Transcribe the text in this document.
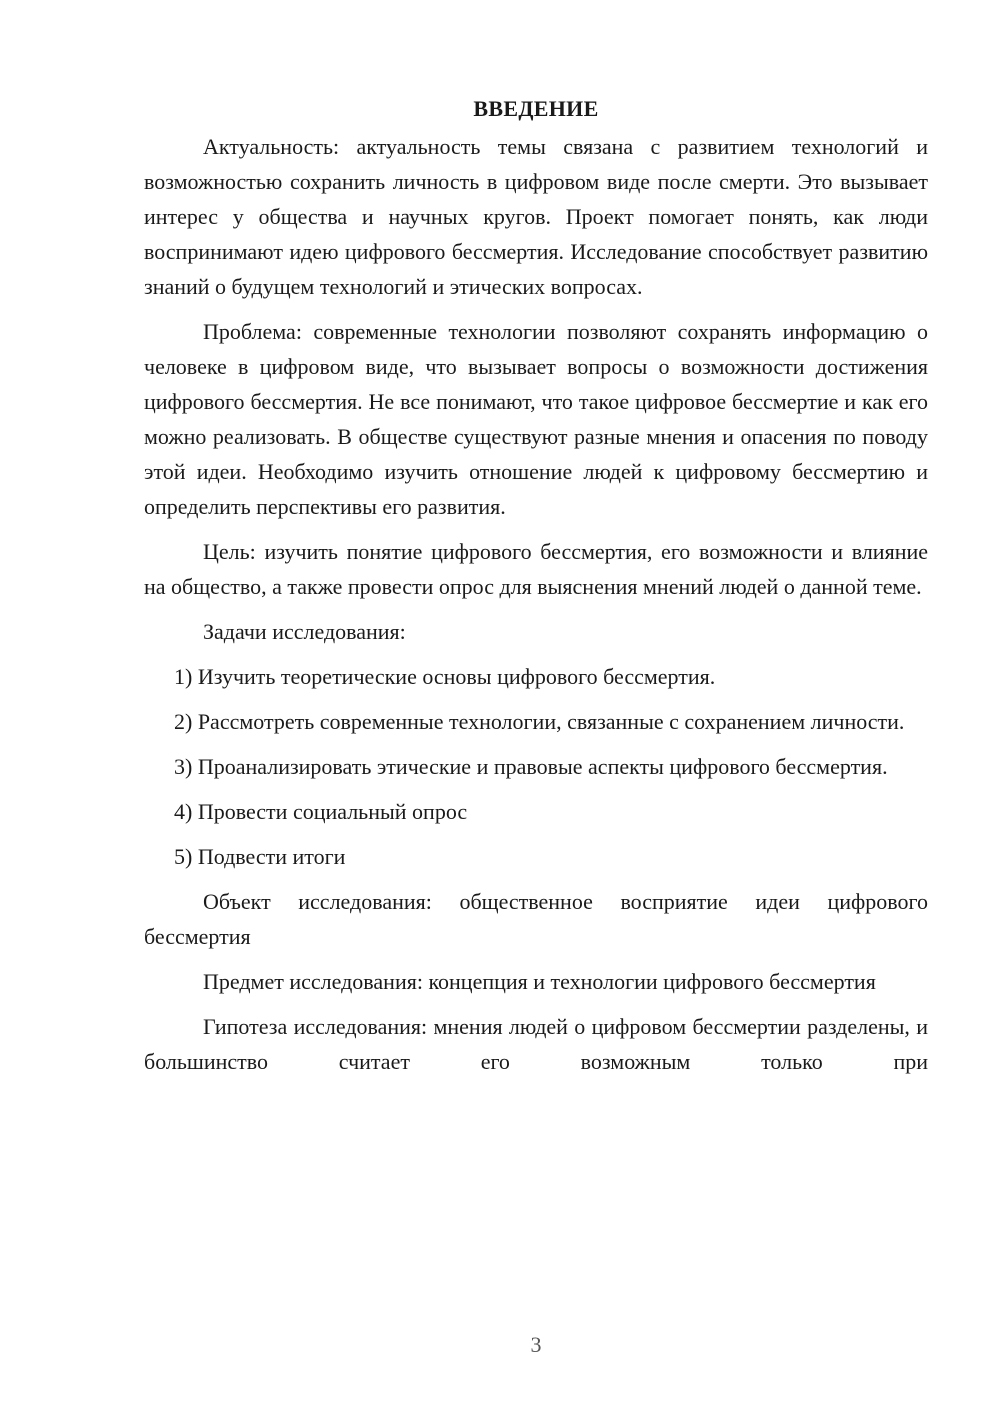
ВВЕДЕНИЕ

Актуальность: актуальность темы связана с развитием технологий и возможностью сохранить личность в цифровом виде после смерти. Это вызывает интерес у общества и научных кругов. Проект помогает понять, как люди воспринимают идею цифрового бессмертия. Исследование способствует развитию знаний о будущем технологий и этических вопросах.

Проблема: современные технологии позволяют сохранять информацию о человеке в цифровом виде, что вызывает вопросы о возможности достижения цифрового бессмертия. Не все понимают, что такое цифровое бессмертие и как его можно реализовать. В обществе существуют разные мнения и опасения по поводу этой идеи. Необходимо изучить отношение людей к цифровому бессмертию и определить перспективы его развития.

Цель: изучить понятие цифрового бессмертия, его возможности и влияние на общество, а также провести опрос для выяснения мнений людей о данной теме.

Задачи исследования:

1) Изучить теоретические основы цифрового бессмертия.

2) Рассмотреть современные технологии, связанные с сохранением личности.

3) Проанализировать этические и правовые аспекты цифрового бессмертия.

4) Провести социальный опрос

5) Подвести итоги

Объект исследования: общественное восприятие идеи цифрового бессмертия

Предмет исследования: концепция и технологии цифрового бессмертия

Гипотеза исследования: мнения людей о цифровом бессмертии разделены, и большинство считает его возможным только при

3
